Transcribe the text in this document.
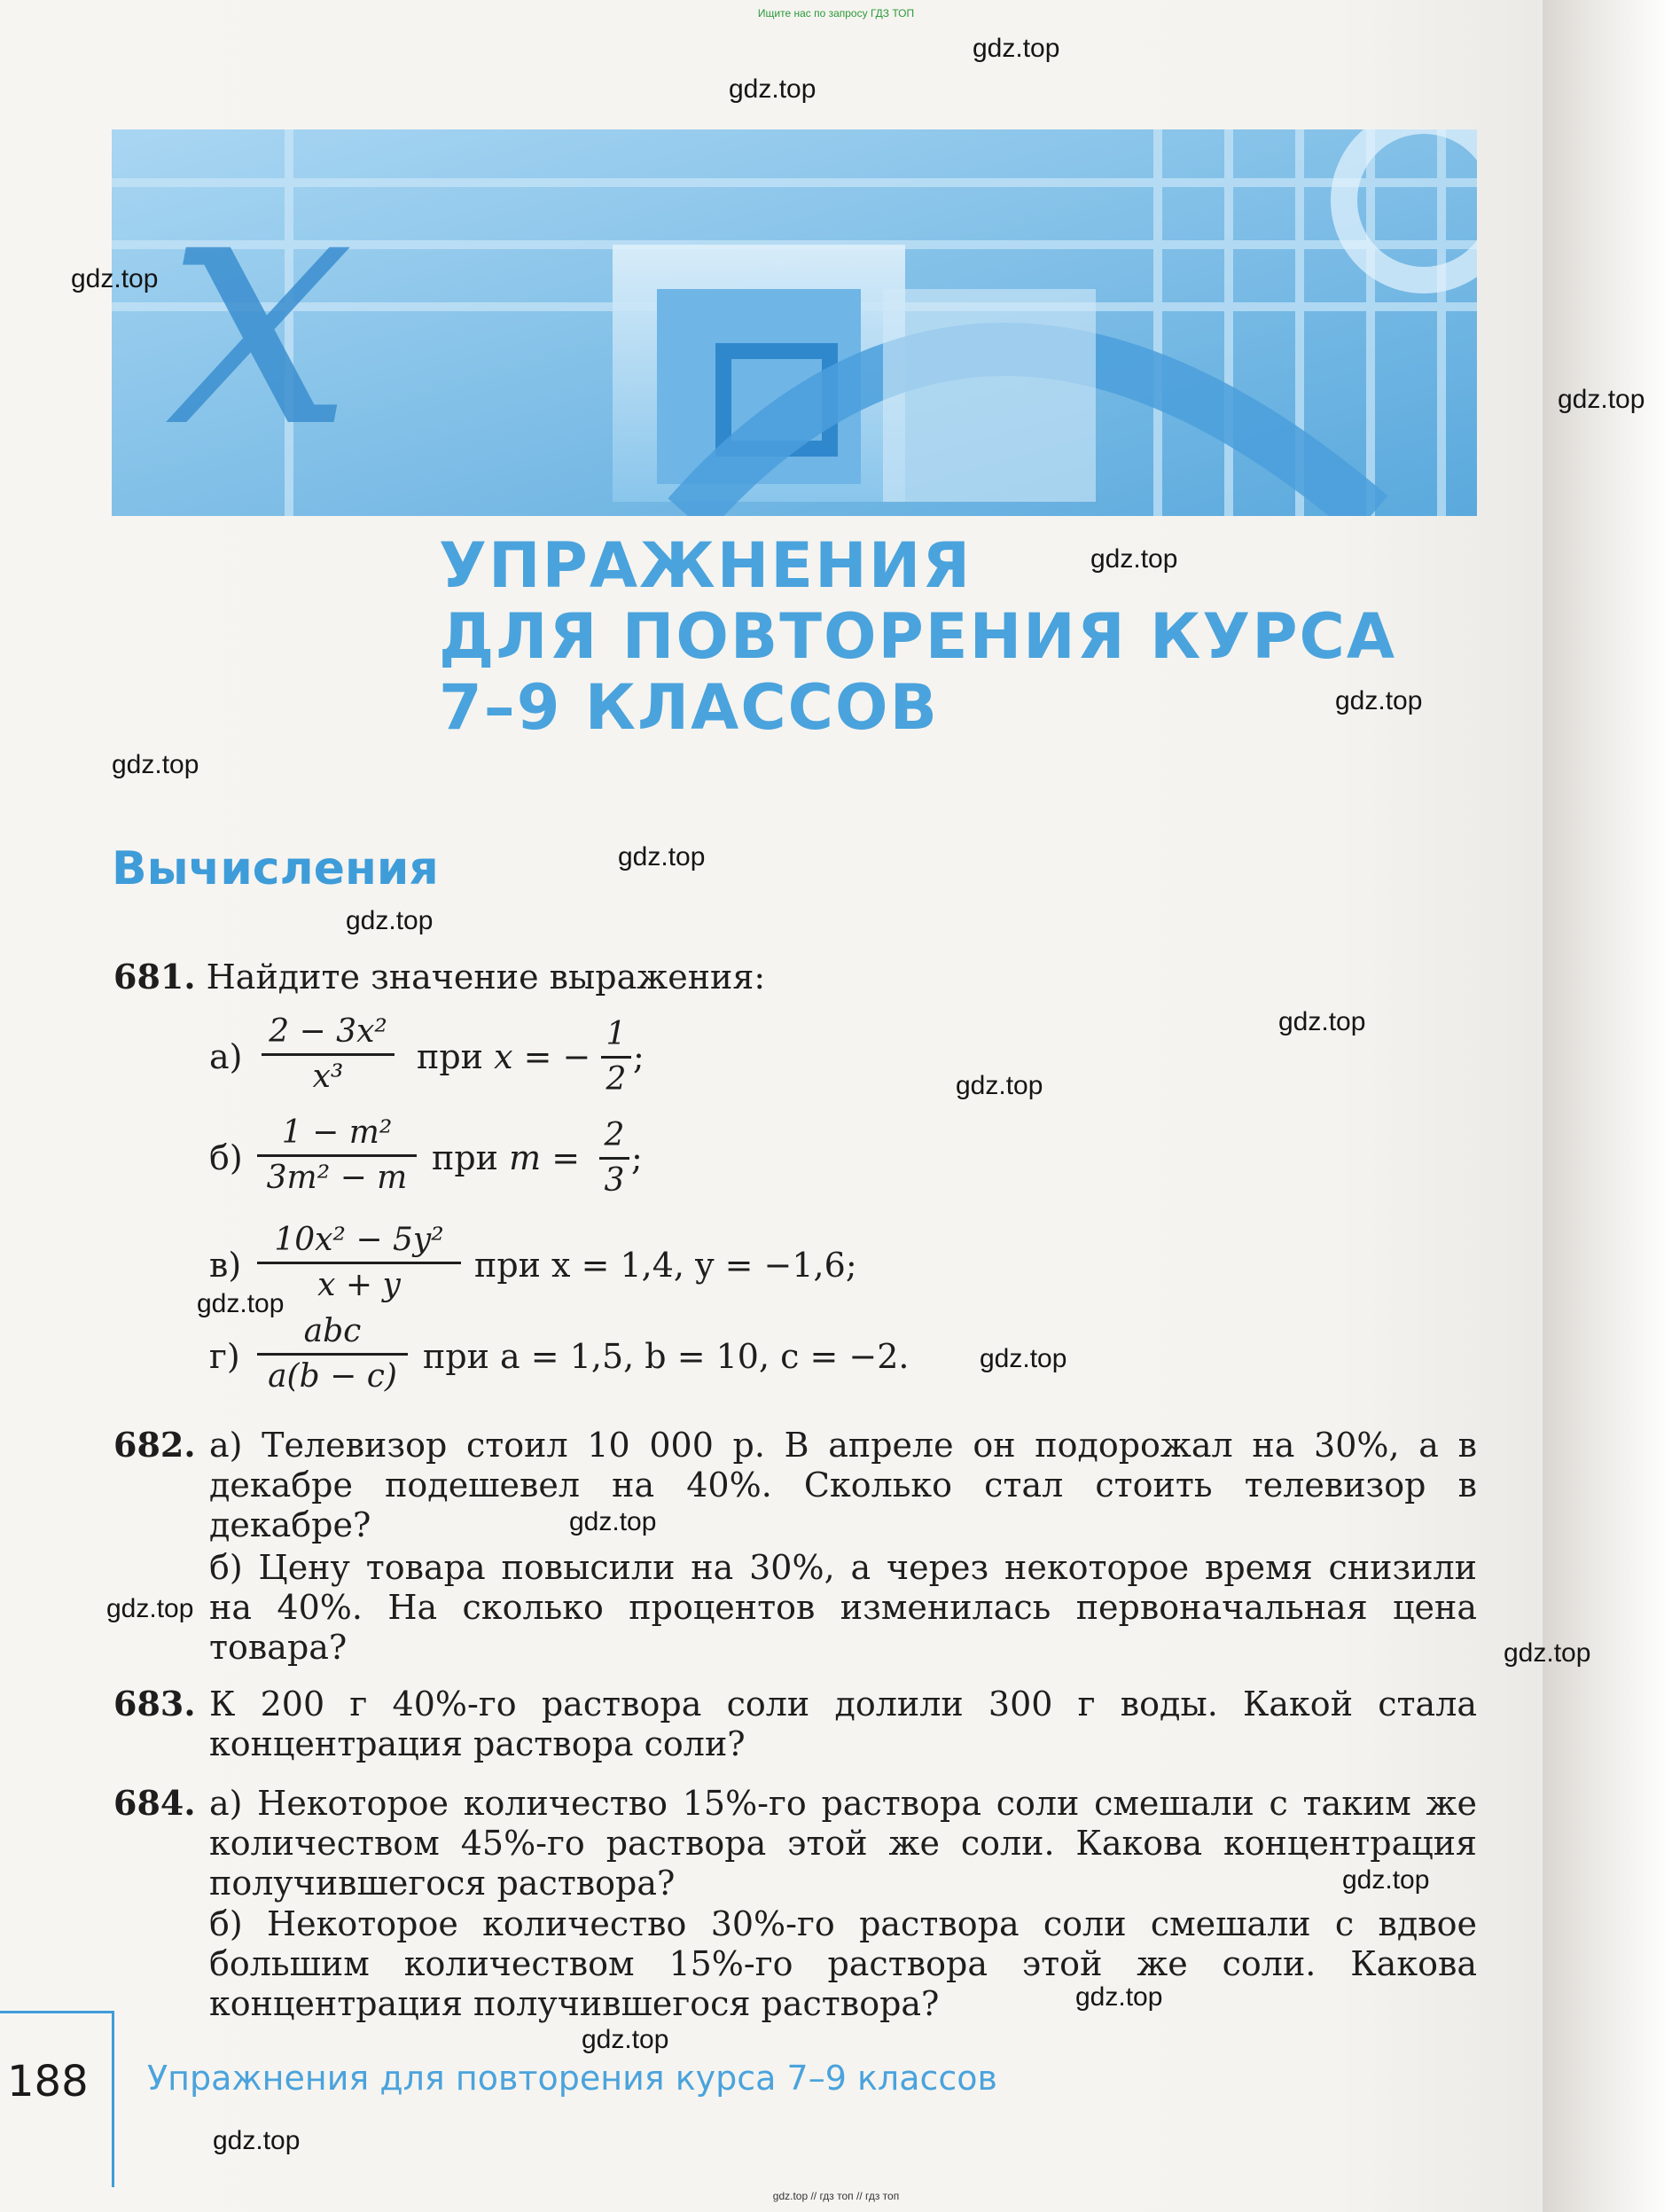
Ищите нас по запросу ГДЗ ТОП
x
УПРАЖНЕНИЯ
ДЛЯ ПОВТОРЕНИЯ КУРСА
7–9 КЛАССОВ
Вычисления
681. Найдите значение выражения:
а)
2 − 3x²
x³
при x = −
1
2
;
б)
1 − m²
3m² − m
при m =
2
3
;
в)
10x² − 5y²
x + y
при x = 1,4, y = −1,6;
г)
abc
a(b − c)
при a = 1,5, b = 10, c = −2.
682. а) Телевизор стоил 10 000 р. В апреле он подорожал на 30%, а в декабре подешевел на 40%. Сколько стал стоить телевизор в декабре?
б) Цену товара повысили на 30%, а через некоторое время снизили на 40%. На сколько процентов изменилась первоначальная цена товара?
683. К 200 г 40%-го раствора соли долили 300 г воды. Какой стала концентрация раствора соли?
684. а) Некоторое количество 15%-го раствора соли смешали с таким же количеством 45%-го раствора этой же соли. Какова концентрация получившегося раствора?
б) Некоторое количество 30%-го раствора соли смешали с вдвое большим количеством 15%-го раствора этой же соли. Какова концентрация получившегося раствора?
188 Упражнения для повторения курса 7–9 классов
gdz.top
gdz.top
gdz.top
gdz.top
gdz.top
gdz.top
gdz.top
gdz.top
gdz.top
gdz.top
gdz.top
gdz.top
gdz.top
gdz.top
gdz.top
gdz.top
gdz.top
gdz.top
gdz.top
gdz.top
gdz.top // гдз топ // гдз топ
